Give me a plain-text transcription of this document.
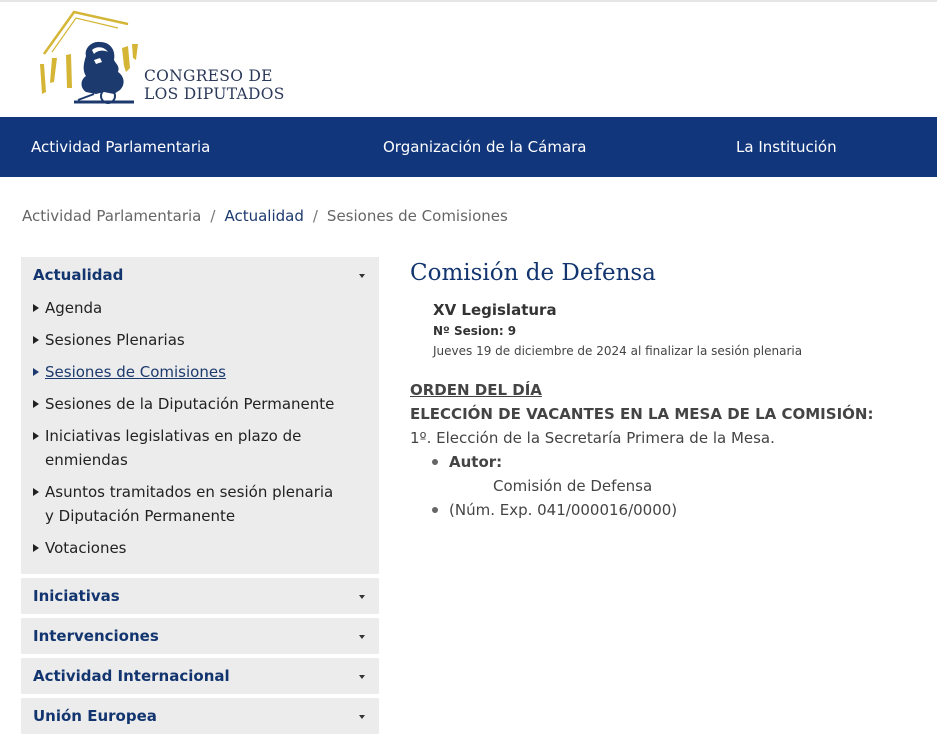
CONGRESO DE
LOS DIPUTADOS
Actividad Parlamentaria	Organización de la Cámara	La Institución
Actividad Parlamentaria / Actualidad / Sesiones de Comisiones
Actualidad
Agenda
Sesiones Plenarias
Sesiones de Comisiones
Sesiones de la Diputación Permanente
Iniciativas legislativas en plazo de enmiendas
Asuntos tramitados en sesión plenaria y Diputación Permanente
Votaciones
Iniciativas
Intervenciones
Actividad Internacional
Unión Europea
Comisión de Defensa
XV Legislatura
Nº Sesion: 9
Jueves 19 de diciembre de 2024 al finalizar la sesión plenaria
ORDEN DEL DÍA
ELECCIÓN DE VACANTES EN LA MESA DE LA COMISIÓN:
1º. Elección de la Secretaría Primera de la Mesa.
Autor:
Comisión de Defensa
(Núm. Exp. 041/000016/0000)
